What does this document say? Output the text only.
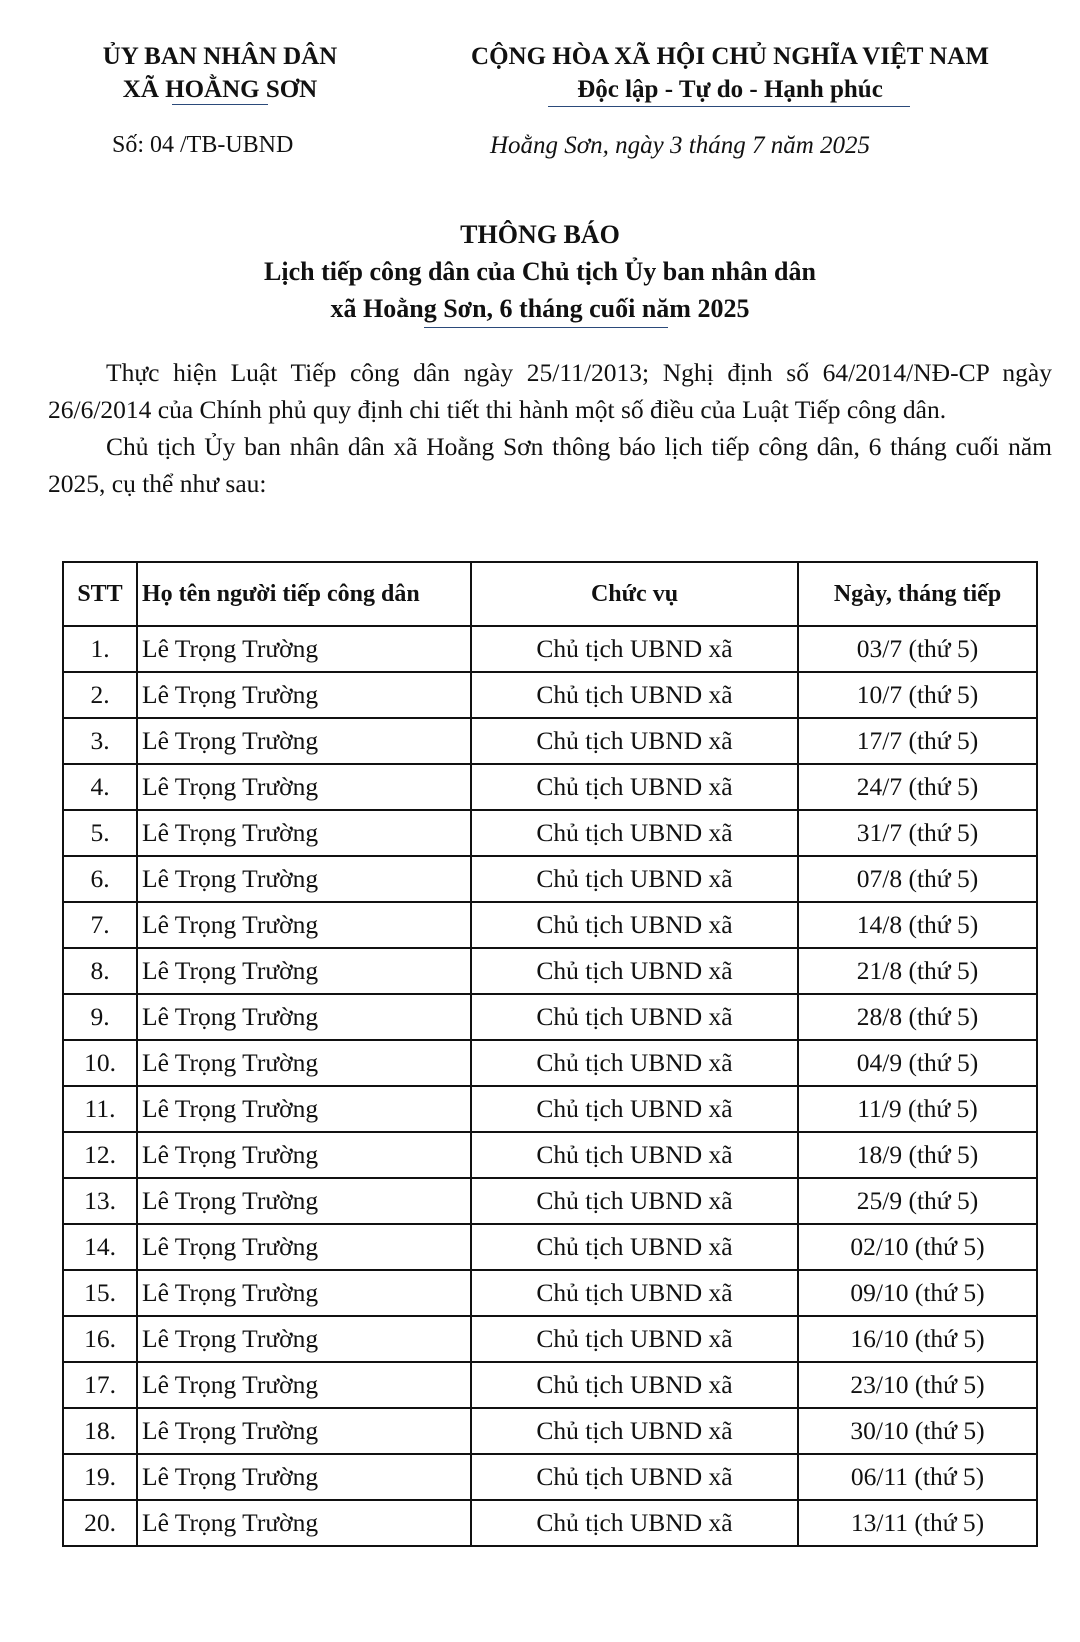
ỦY BAN NHÂN DÂN
XÃ HOẰNG SƠN
CỘNG HÒA XÃ HỘI CHỦ NGHĨA VIỆT NAM
Độc lập - Tự do - Hạnh phúc
Số: 04 /TB-UBND	Hoằng Sơn, ngày 3 tháng 7 năm 2025
THÔNG BÁO
Lịch tiếp công dân của Chủ tịch Ủy ban nhân dân
xã Hoằng Sơn, 6 tháng cuối năm 2025

Thực hiện Luật Tiếp công dân ngày 25/11/2013; Nghị định số 64/2014/NĐ-CP ngày 26/6/2014 của Chính phủ quy định chi tiết thi hành một số điều của Luật Tiếp công dân.

Chủ tịch Ủy ban nhân dân xã Hoằng Sơn thông báo lịch tiếp công dân, 6 tháng cuối năm 2025, cụ thể như sau:

STT	Họ tên người tiếp công dân	Chức vụ	Ngày, tháng tiếp
1.	Lê Trọng Trường	Chủ tịch UBND xã	03/7 (thứ 5)
2.	Lê Trọng Trường	Chủ tịch UBND xã	10/7 (thứ 5)
3.	Lê Trọng Trường	Chủ tịch UBND xã	17/7 (thứ 5)
4.	Lê Trọng Trường	Chủ tịch UBND xã	24/7 (thứ 5)
5.	Lê Trọng Trường	Chủ tịch UBND xã	31/7 (thứ 5)
6.	Lê Trọng Trường	Chủ tịch UBND xã	07/8 (thứ 5)
7.	Lê Trọng Trường	Chủ tịch UBND xã	14/8 (thứ 5)
8.	Lê Trọng Trường	Chủ tịch UBND xã	21/8 (thứ 5)
9.	Lê Trọng Trường	Chủ tịch UBND xã	28/8 (thứ 5)
10.	Lê Trọng Trường	Chủ tịch UBND xã	04/9 (thứ 5)
11.	Lê Trọng Trường	Chủ tịch UBND xã	11/9 (thứ 5)
12.	Lê Trọng Trường	Chủ tịch UBND xã	18/9 (thứ 5)
13.	Lê Trọng Trường	Chủ tịch UBND xã	25/9 (thứ 5)
14.	Lê Trọng Trường	Chủ tịch UBND xã	02/10 (thứ 5)
15.	Lê Trọng Trường	Chủ tịch UBND xã	09/10 (thứ 5)
16.	Lê Trọng Trường	Chủ tịch UBND xã	16/10 (thứ 5)
17.	Lê Trọng Trường	Chủ tịch UBND xã	23/10 (thứ 5)
18.	Lê Trọng Trường	Chủ tịch UBND xã	30/10 (thứ 5)
19.	Lê Trọng Trường	Chủ tịch UBND xã	06/11 (thứ 5)
20.	Lê Trọng Trường	Chủ tịch UBND xã	13/11 (thứ 5)
